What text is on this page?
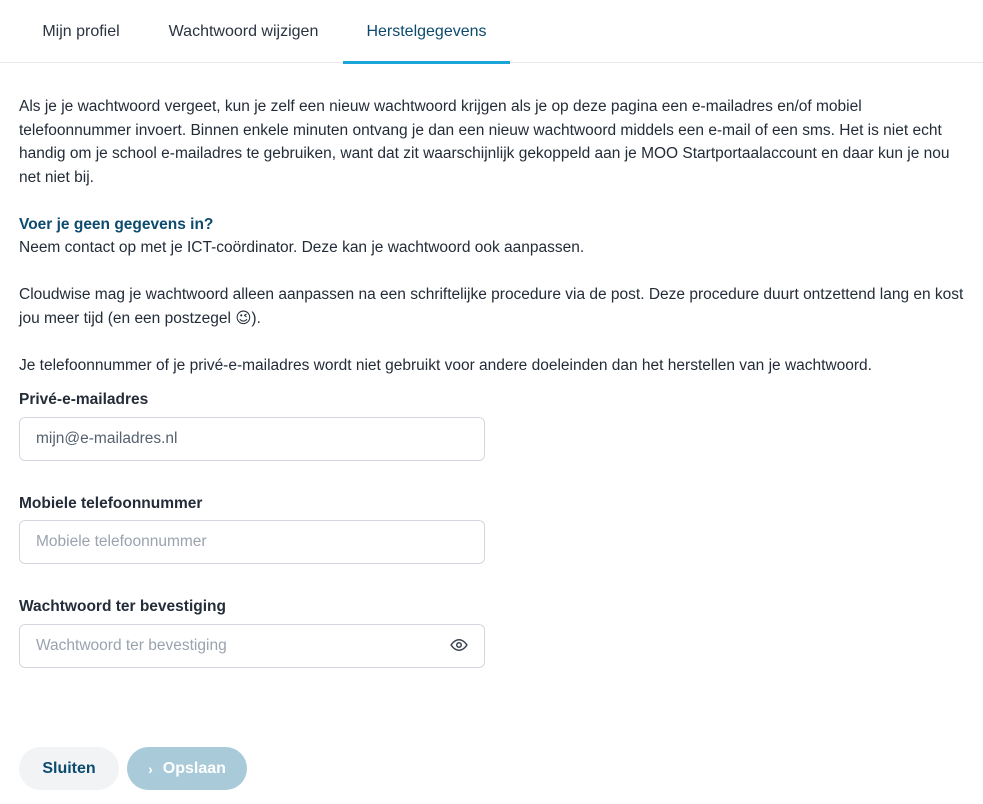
Mijn profiel	Wachtwoord wijzigen	Herstelgegevens

Als je je wachtwoord vergeet, kun je zelf een nieuw wachtwoord krijgen als je op deze pagina een e-mailadres en/of mobiel telefoonnummer invoert. Binnen enkele minuten ontvang je dan een nieuw wachtwoord middels een e-mail of een sms. Het is niet echt handig om je school e-mailadres te gebruiken, want dat zit waarschijnlijk gekoppeld aan je MOO Startportaalaccount en daar kun je nou net niet bij.

Voer je geen gegevens in?

Neem contact op met je ICT-coördinator. Deze kan je wachtwoord ook aanpassen.

Cloudwise mag je wachtwoord alleen aanpassen na een schriftelijke procedure via de post. Deze procedure duurt ontzettend lang en kost jou meer tijd (en een postzegel 😉).

Je telefoonnummer of je privé-e-mailadres wordt niet gebruikt voor andere doeleinden dan het herstellen van je wachtwoord.

Privé-e-mailadres
mijn@e-mailadres.nl
Mobiele telefoonnummer
Mobiele telefoonnummer
Wachtwoord ter bevestiging
Sluiten	› Opslaan
